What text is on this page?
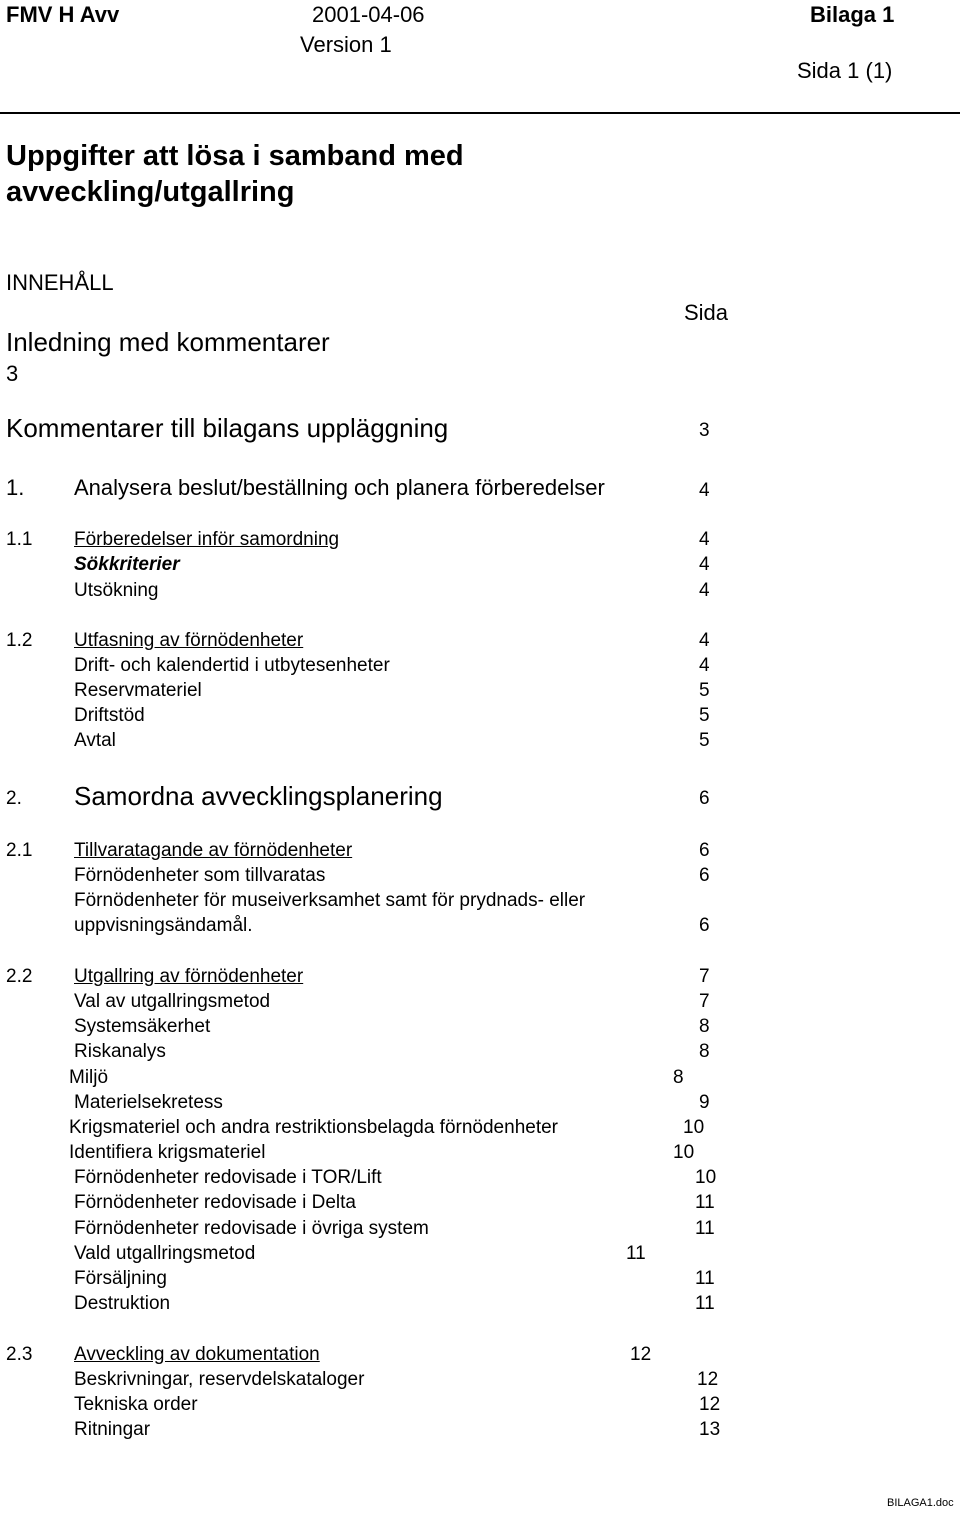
FMV H Avv	2001-04-06
Version 1
Bilaga 1
Sida 1 (1)
Uppgifter att lösa i samband med
avveckling/utgallring
INNEHÅLL
Sida
Inledning med kommentarer
3
Kommentarer till bilagans uppläggning	3
1. Analysera beslut/beställning och planera förberedelser	4
1.1 Förberedelser inför samordning	4
Sökkriterier	4
Utsökning	4
1.2 Utfasning av förnödenheter	4
Drift- och kalendertid i utbytesenheter	4
Reservmateriel	5
Driftstöd	5
Avtal	5
2. Samordna avvecklingsplanering	6
2.1 Tillvaratagande av förnödenheter	6
Förnödenheter som tillvaratas	6
Förnödenheter för museiverksamhet samt för prydnads- eller
uppvisningsändamål.	6
2.2 Utgallring av förnödenheter	7
Val av utgallringsmetod	7
Systemsäkerhet	8
Riskanalys	8
Miljö	8
Materielsekretess	9
Krigsmateriel och andra restriktionsbelagda förnödenheter	10
Identifiera krigsmateriel	10
Förnödenheter redovisade i TOR/Lift	10
Förnödenheter redovisade i Delta	11
Förnödenheter redovisade i övriga system	11
Vald utgallringsmetod	11
Försäljning	11
Destruktion	11
2.3 Avveckling av dokumentation	12
Beskrivningar, reservdelskataloger	12
Tekniska order	12
Ritningar	13
BILAGA1.doc
